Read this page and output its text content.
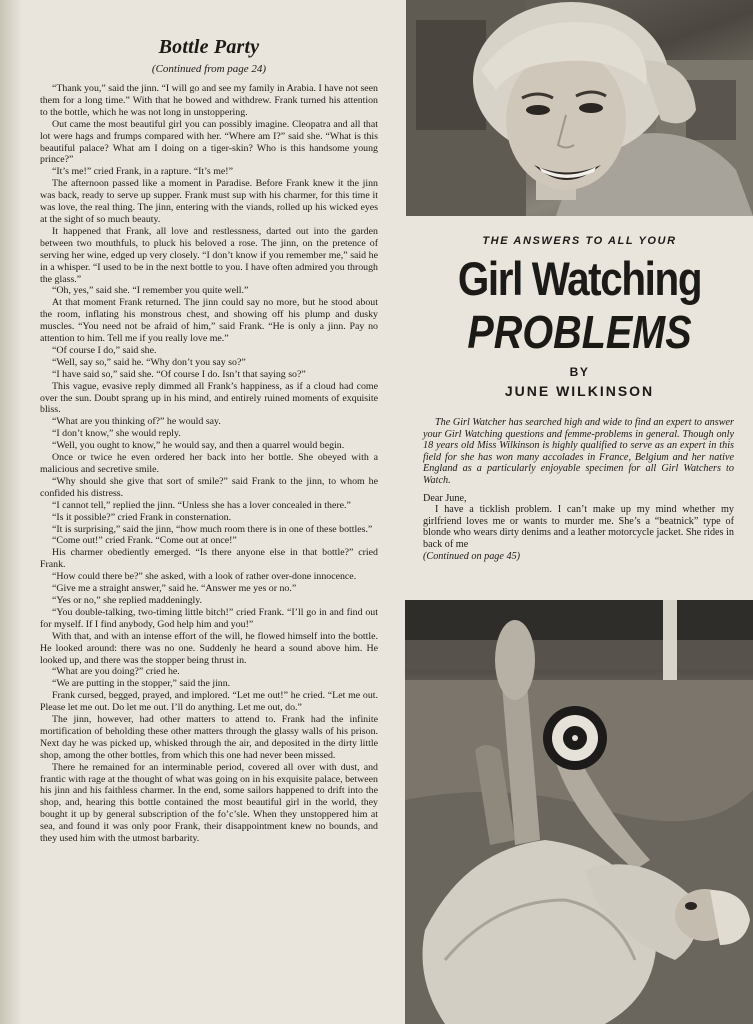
Bottle Party
(Continued from page 24)

“Thank you,” said the jinn. “I will go and see my family in Arabia. I have not seen them for a long time.” With that he bowed and withdrew. Frank turned his attention to the bottle, which he was not long in unstoppering.

Out came the most beautiful girl you can possibly imagine. Cleopatra and all that lot were hags and frumps compared with her. “Where am I?” said she. “What is this beautiful palace? What am I doing on a tiger-skin? Who is this handsome young prince?”

“It’s me!” cried Frank, in a rapture. “It’s me!”

The afternoon passed like a moment in Paradise. Before Frank knew it the jinn was back, ready to serve up supper. Frank must sup with his charmer, for this time it was love, the real thing. The jinn, entering with the viands, rolled up his wicked eyes at the sight of so much beauty.

It happened that Frank, all love and restlessness, darted out into the garden between two mouthfuls, to pluck his beloved a rose. The jinn, on the pretence of serving her wine, edged up very closely. “I don’t know if you remember me,” said he in a whisper. “I used to be in the next bottle to you. I have often admired you through the glass.”

“Oh, yes,” said she. “I remember you quite well.”

At that moment Frank returned. The jinn could say no more, but he stood about the room, inflating his monstrous chest, and showing off his plump and dusky muscles. “You need not be afraid of him,” said Frank. “He is only a jinn. Pay no attention to him. Tell me if you really love me.”

“Of course I do,” said she.

“Well, say so,” said he. “Why don’t you say so?”

“I have said so,” said she. “Of course I do. Isn’t that saying so?”

This vague, evasive reply dimmed all Frank’s happiness, as if a cloud had come over the sun. Doubt sprang up in his mind, and entirely ruined moments of exquisite bliss.

“What are you thinking of?” he would say.

“I don’t know,” she would reply.

“Well, you ought to know,” he would say, and then a quarrel would begin.

Once or twice he even ordered her back into her bottle. She obeyed with a malicious and secretive smile.

“Why should she give that sort of smile?” said Frank to the jinn, to whom he confided his distress.

“I cannot tell,” replied the jinn. “Unless she has a lover concealed in there.”

“Is it possible?” cried Frank in consternation.

“It is surprising,” said the jinn, “how much room there is in one of these bottles.”

“Come out!” cried Frank. “Come out at once!”

His charmer obediently emerged. “Is there anyone else in that bottle?” cried Frank.

“How could there be?” she asked, with a look of rather over-done innocence.

“Give me a straight answer,” said he. “Answer me yes or no.”

“Yes or no,” she replied maddeningly.

“You double-talking, two-timing little bitch!” cried Frank. “I’ll go in and find out for myself. If I find anybody, God help him and you!”

With that, and with an intense effort of the will, he flowed himself into the bottle. He looked around: there was no one. Suddenly he heard a sound above him. He looked up, and there was the stopper being thrust in.

“What are you doing?” cried he.

“We are putting in the stopper,” said the jinn.

Frank cursed, begged, prayed, and implored. “Let me out!” he cried. “Let me out. Please let me out. Do let me out. I’ll do anything. Let me out, do.”

The jinn, however, had other matters to attend to. Frank had the infinite mortification of beholding these other matters through the glassy walls of his prison. Next day he was picked up, whisked through the air, and deposited in the dirty little shop, among the other bottles, from which this one had never been missed.

There he remained for an interminable period, covered all over with dust, and frantic with rage at the thought of what was going on in his exquisite palace, between his jinn and his faithless charmer. In the end, some sailors happened to drift into the shop, and, hearing this bottle contained the most beautiful girl in the world, they bought it up by general subscription of the fo’c’sle. When they unstoppered him at sea, and found it was only poor Frank, their disappointment knew no bounds, and they used him with the utmost barbarity.

THE ANSWERS TO ALL YOUR
Girl Watching
PROBLEMS
BY
JUNE WILKINSON

The Girl Watcher has searched high and wide to find an expert to answer your Girl Watching questions and femme-problems in general. Though only 18 years old Miss Wilkinson is highly qualified to serve as an expert in this field for she has won many accolades in France, Belgium and her native England as a particularly enjoyable specimen for all Girl Watchers to Watch.

Dear June,

I have a ticklish problem. I can’t make up my mind whether my girlfriend loves me or wants to murder me. She’s a “beatnick” type of blonde who wears dirty denims and a leather motorcycle jacket. She rides in back of me

(Continued on page 45)
